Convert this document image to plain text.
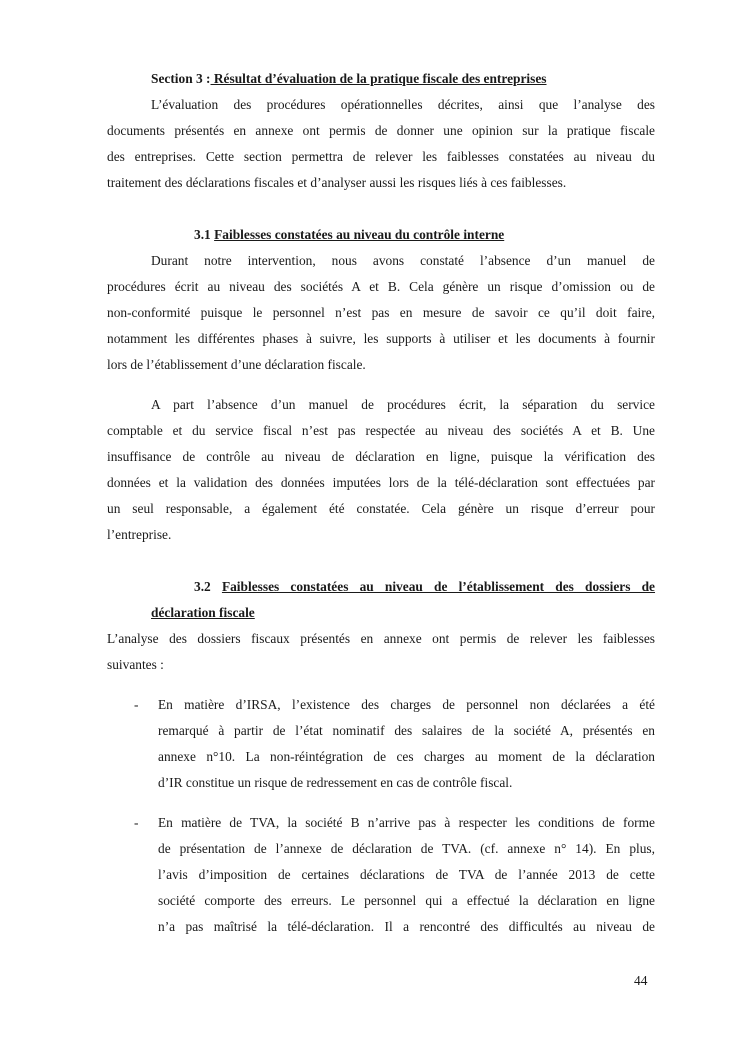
Section 3 : Résultat d’évaluation de la pratique fiscale des entreprises
L’évaluation des procédures opérationnelles décrites, ainsi que l’analyse des
documents présentés en annexe ont permis de donner une opinion sur la pratique fiscale
des entreprises. Cette section permettra de relever les faiblesses constatées au niveau du
traitement des déclarations fiscales et d’analyser aussi les risques liés à ces faiblesses.
3.1 Faiblesses constatées au niveau du contrôle interne
Durant notre intervention, nous avons constaté l’absence d’un manuel de
procédures écrit au niveau des sociétés A et B. Cela génère un risque d’omission ou de
non-conformité puisque le personnel n’est pas en mesure de savoir ce qu’il doit faire,
notamment les différentes phases à suivre, les supports à utiliser et les documents à fournir
lors de l’établissement d’une déclaration fiscale.
A part l’absence d’un manuel de procédures écrit, la séparation du service
comptable et du service fiscal n’est pas respectée au niveau des sociétés A et B. Une
insuffisance de contrôle au niveau de déclaration en ligne, puisque la vérification des
données et la validation des données imputées lors de la télé-déclaration sont effectuées par
un seul responsable, a également été constatée. Cela génère un risque d’erreur pour
l’entreprise.
3.2 Faiblesses constatées au niveau de l’établissement des dossiers de
déclaration fiscale
L’analyse des dossiers fiscaux présentés en annexe ont permis de relever les faiblesses
suivantes :
- En matière d’IRSA, l’existence des charges de personnel non déclarées a été
remarqué à partir de l’état nominatif des salaires de la société A, présentés en
annexe n°10. La non-réintégration de ces charges au moment de la déclaration
d’IR constitue un risque de redressement en cas de contrôle fiscal.
- En matière de TVA, la société B n’arrive pas à respecter les conditions de forme
de présentation de l’annexe de déclaration de TVA. (cf. annexe n° 14). En plus,
l’avis d’imposition de certaines déclarations de TVA de l’année 2013 de cette
société comporte des erreurs. Le personnel qui a effectué la déclaration en ligne
n’a pas maîtrisé la télé-déclaration. Il a rencontré des difficultés au niveau de
44
